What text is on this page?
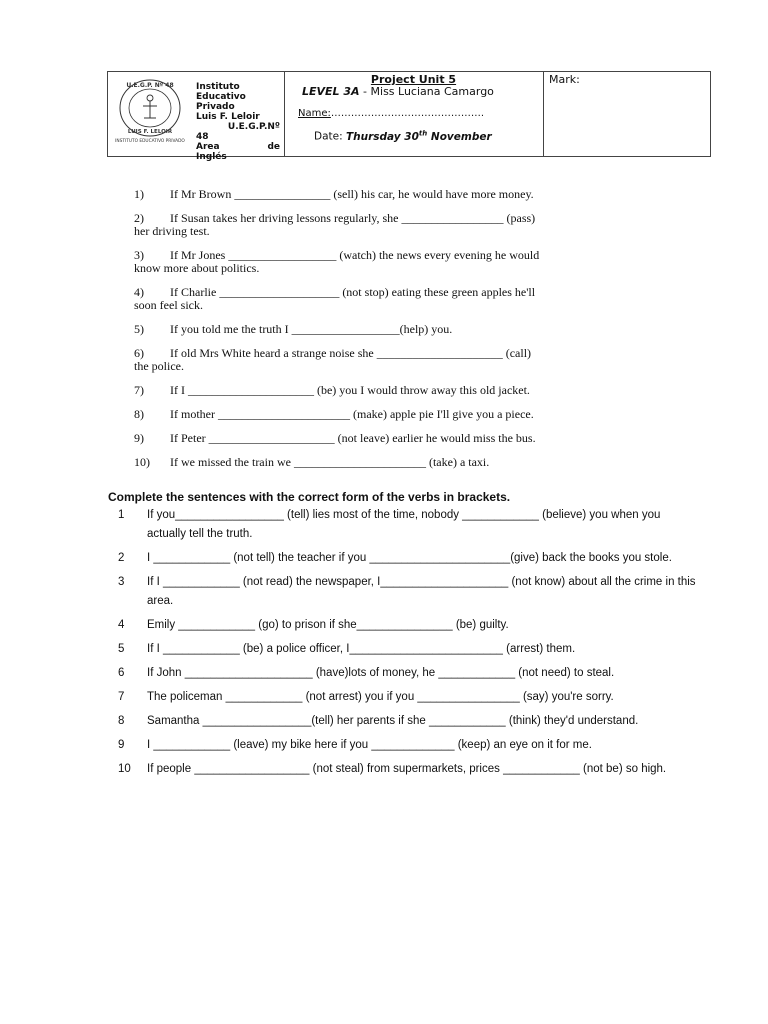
U.E.G.P. Nº 48
LUIS F. LELOIR
INSTITUTO EDUCATIVO PRIVADO
Instituto
Educativo
Privado
Luis F. Leloir
U.E.G.P.Nº
48
Area	de
Inglés
Project Unit 5
LEVEL 3A - Miss Luciana Camargo
Name:……………………………………….
Date: Thursday 30th November
Mark:
1) If Mr Brown ________________ (sell) his car, he would have more money.
2) If Susan takes her driving lessons regularly, she _________________ (pass)
her driving test.
3) If Mr Jones __________________ (watch) the news every evening he would
know more about politics.
4) If Charlie ____________________ (not stop) eating these green apples he'll
soon feel sick.
5) If you told me the truth I __________________(help) you.
6) If old Mrs White heard a strange noise she _____________________ (call)
the police.
7) If I _____________________ (be) you I would throw away this old jacket.
8) If mother ______________________ (make) apple pie I'll give you a piece.
9) If Peter _____________________ (not leave) earlier he would miss the bus.
10) If we missed the train we ______________________ (take) a taxi.
Complete the sentences with the correct form of the verbs in brackets.
1	If you_________________ (tell) lies most of the time, nobody ____________ (believe) you when you actually tell the truth.
2	I ____________ (not tell) the teacher if you ______________________(give) back the books you stole.
3	If I ____________ (not read) the newspaper, I____________________ (not know) about all the crime in this area.
4	Emily ____________ (go) to prison if she_______________ (be) guilty.
5	If I ____________ (be) a police officer, I________________________ (arrest) them.
6	If John ____________________ (have)lots of money, he ____________ (not need) to steal.
7	The policeman ____________ (not arrest) you if you ________________ (say) you're sorry.
8	Samantha _________________(tell) her parents if she ____________ (think) they'd understand.
9	I ____________ (leave) my bike here if you _____________ (keep) an eye on it for me.
10	If people __________________ (not steal) from supermarkets, prices ____________ (not be) so high.
